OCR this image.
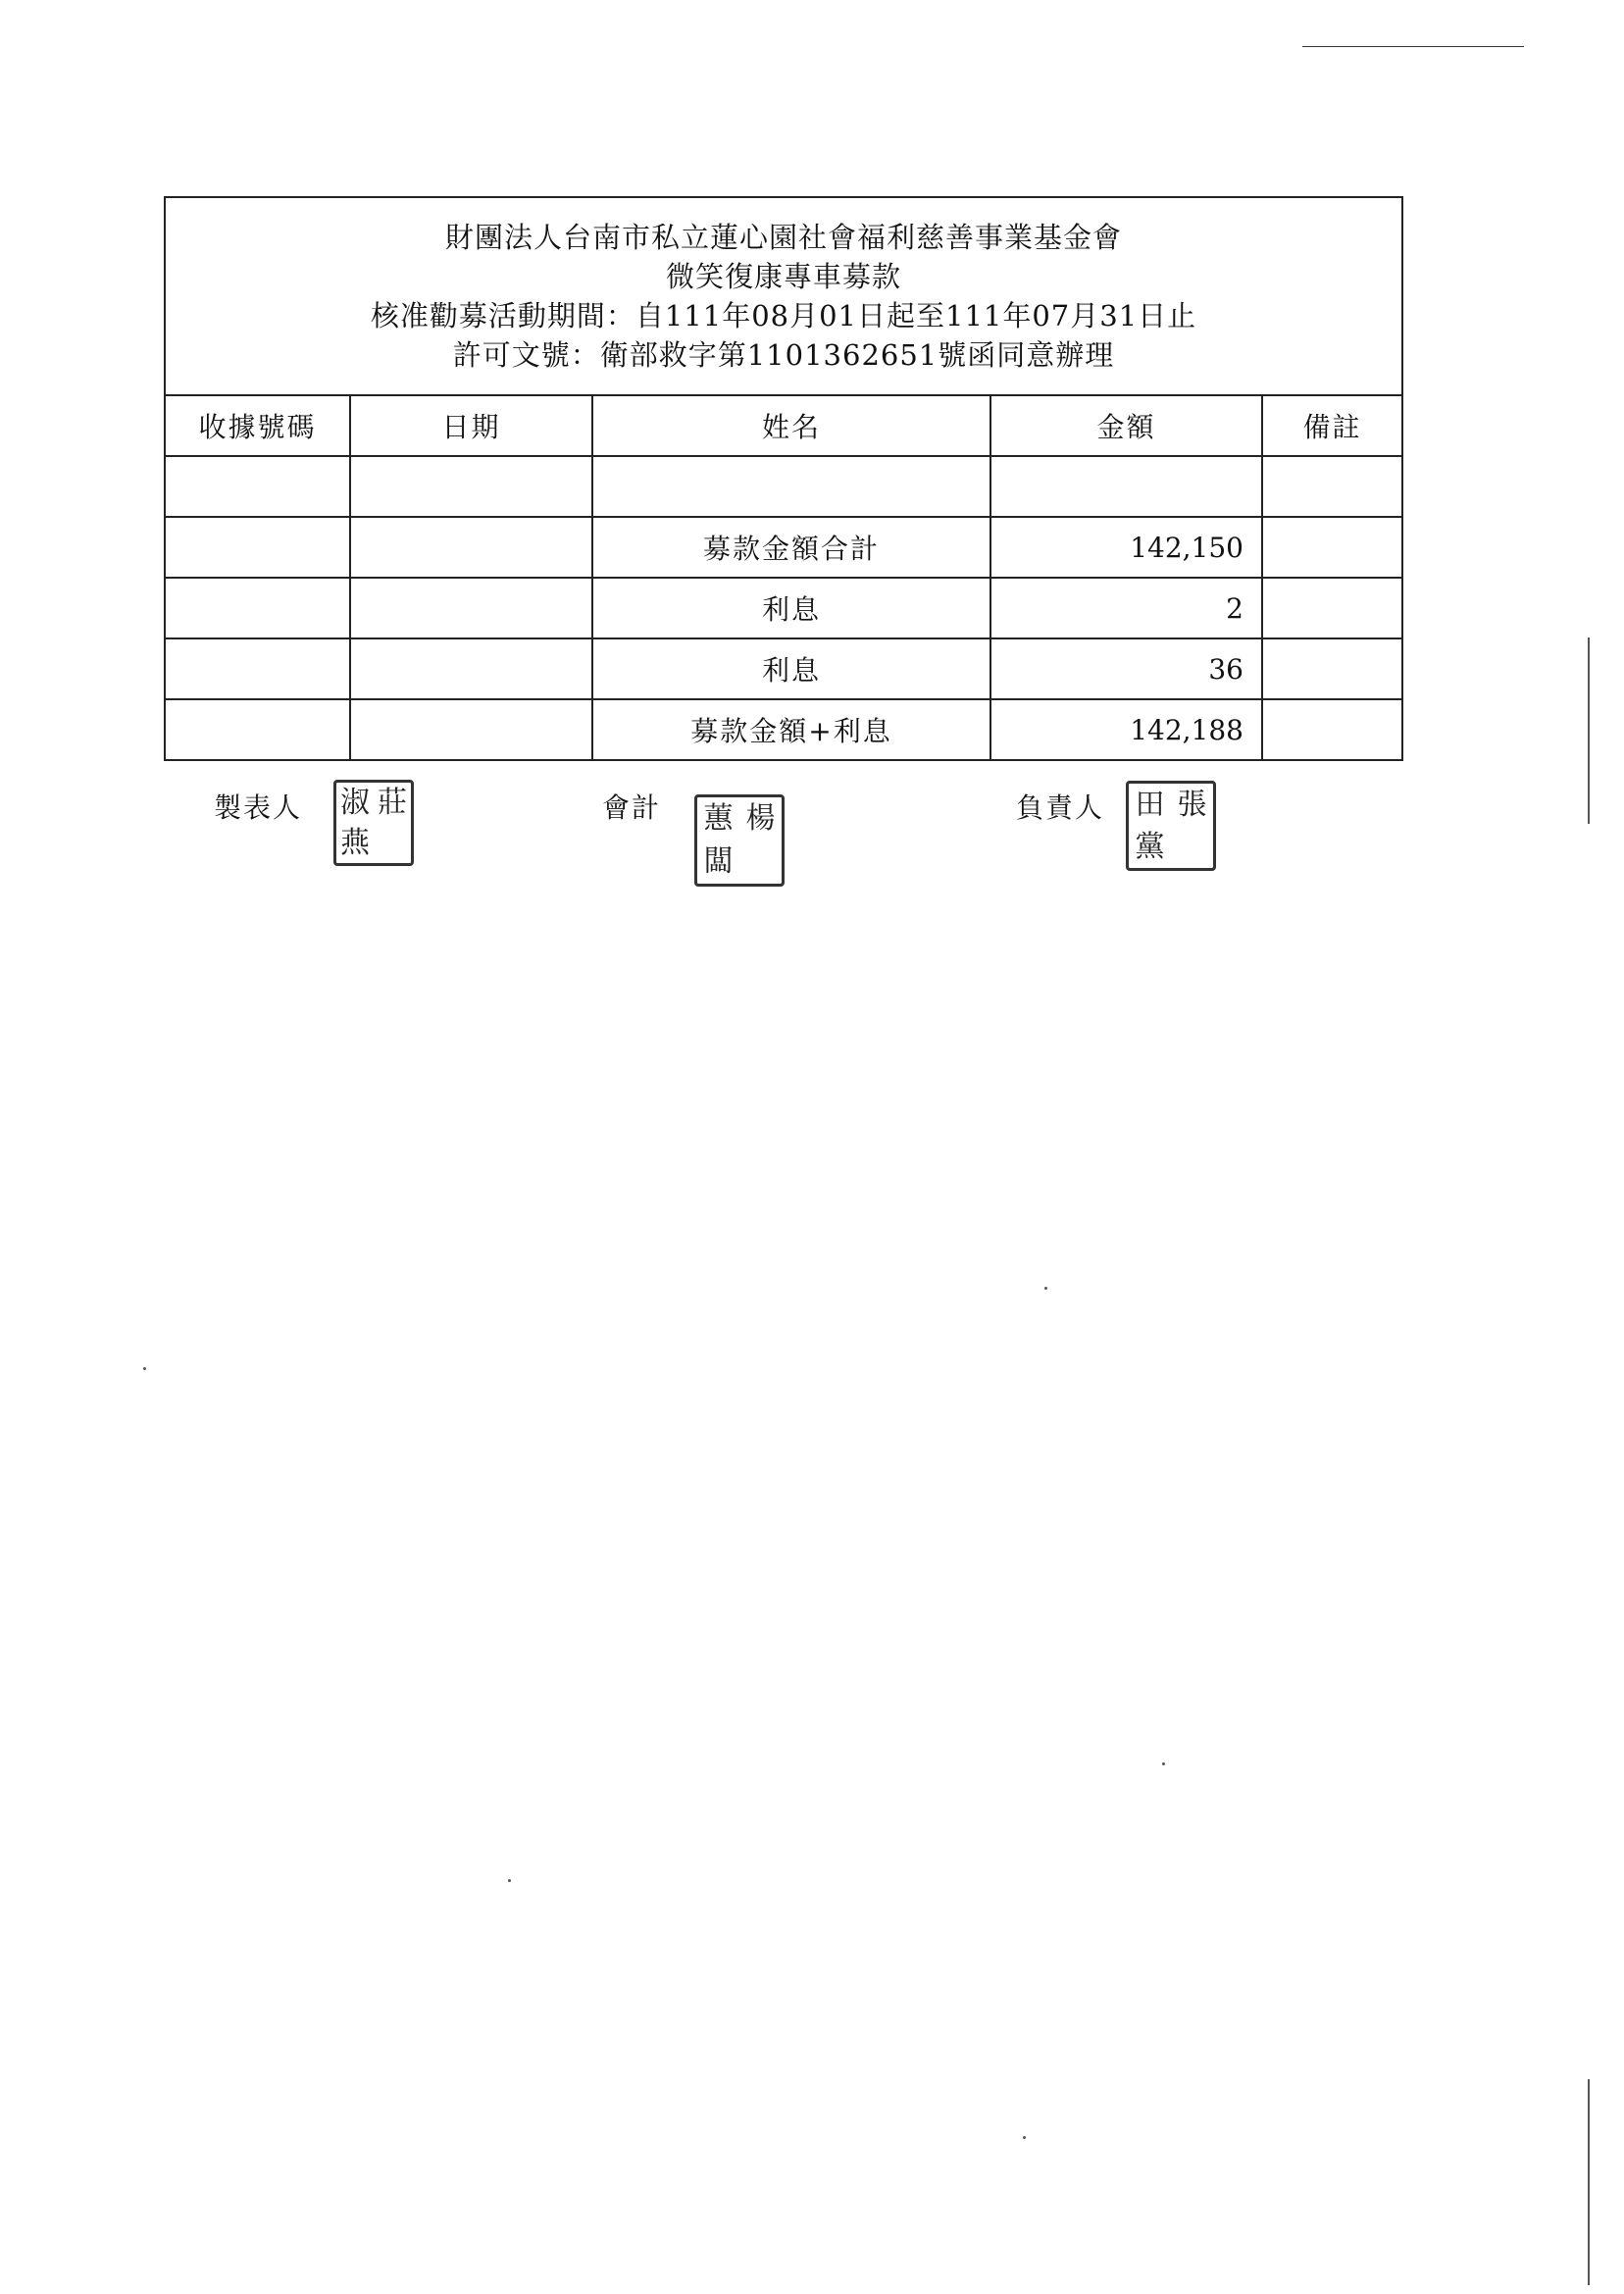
財團法人台南市私立蓮心園社會福利慈善事業基金會
微笑復康專車募款
核准勸募活動期間：自111年08月01日起至111年07月31日止
許可文號：衛部救字第1101362651號函同意辦理
收據號碼	日期	姓名	金額	備註

		募款金額合計	142,150	
		利息	2	
		利息	36	
		募款金額+利息	142,188	
製表人 淑 莊
燕
會計 蕙 楊
闆
負責人 田 張
黨
